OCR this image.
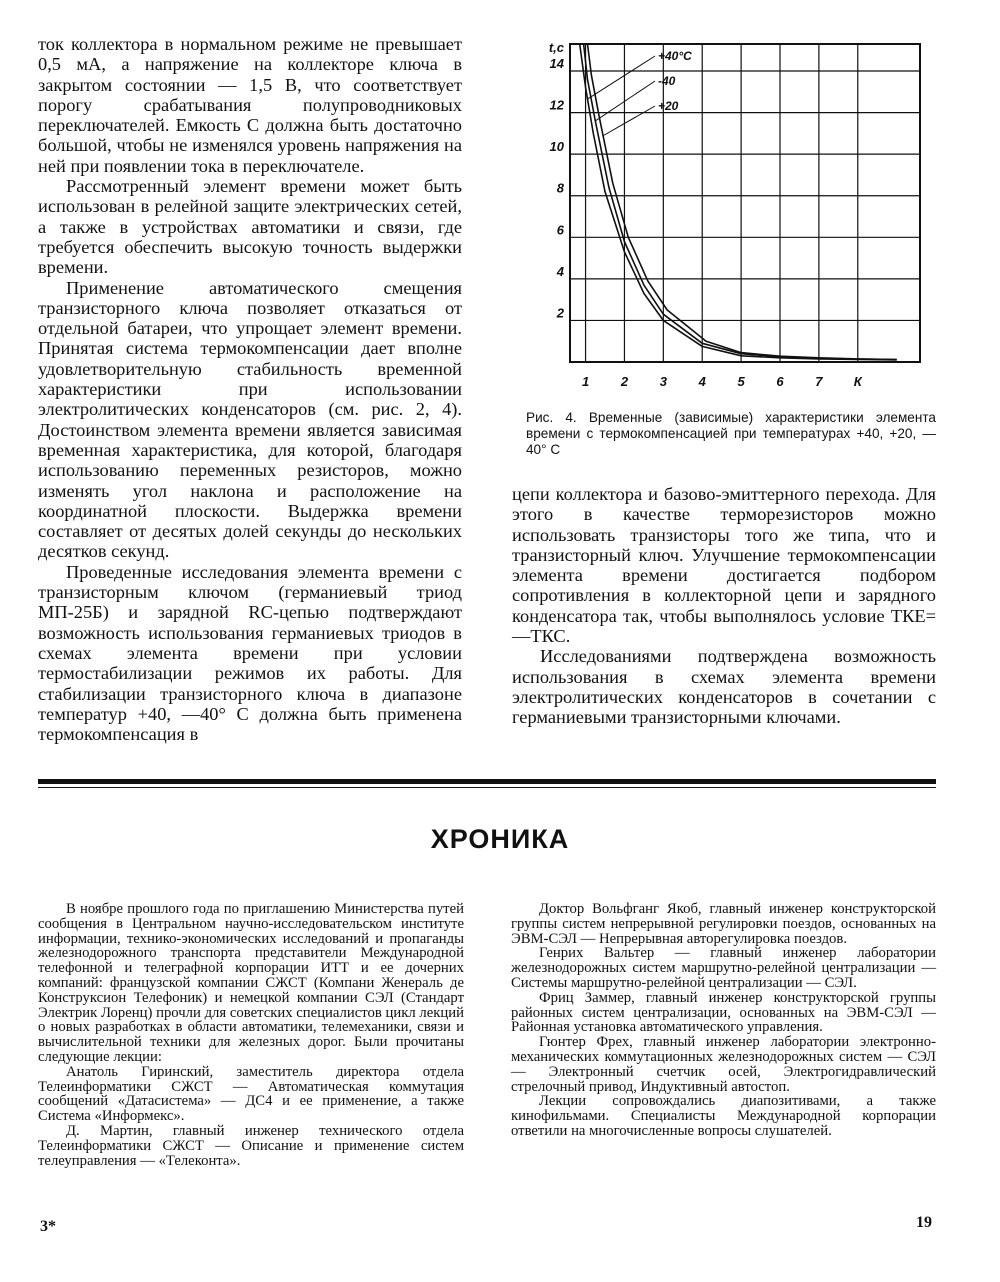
ток коллектора в нормальном режиме не превышает 0,5 мА, а напряжение на коллекторе ключа в закрытом состоянии — 1,5 В, что соответствует порогу срабатывания полупроводниковых переключателей. Емкость С должна быть достаточно большой, чтобы не изменялся уровень напряжения на ней при появлении тока в переключателе.

Рассмотренный элемент времени может быть использован в релейной защите электрических сетей, а также в устройствах автоматики и связи, где требуется обеспечить высокую точность выдержки времени.

Применение автоматического смещения транзисторного ключа позволяет отказаться от отдельной батареи, что упрощает элемент времени. Принятая система термокомпенсации дает вполне удовлетворительную стабильность временной характеристики при использовании электролитических конденсаторов (см. рис. 2, 4). Достоинством элемента времени является зависимая временная характеристика, для которой, благодаря использованию переменных резисторов, можно изменять угол наклона и расположение на координатной плоскости. Выдержка времени составляет от десятых долей секунды до нескольких десятков секунд.

Проведенные исследования элемента времени с транзисторным ключом (германиевый триод МП-25Б) и зарядной RC-цепью подтверждают возможность использования германиевых триодов в схемах элемента времени при условии термостабилизации режимов их работы. Для стабилизации транзисторного ключа в диапазоне температур +40, —40° С должна быть применена термокомпенсация в

1 2 3 4 5 6 7 К
2
4
6
8
10
12
14
t,с
+40°С
-40
+20
Рис. 4. Временные (зависимые) характеристики элемента времени с термокомпенсацией при температурах +40, +20, —40° С

цепи коллектора и базово-эмиттерного перехода. Для этого в качестве терморезисторов можно использовать транзисторы того же типа, что и транзисторный ключ. Улучшение термокомпенсации элемента времени достигается подбором сопротивления в коллекторной цепи и зарядного конденсатора так, чтобы выполнялось условие ТКЕ= —ТКС.

Исследованиями подтверждена возможность использования в схемах элемента времени электролитических конденсаторов в сочетании с германиевыми транзисторными ключами.

ХРОНИКА

В ноябре прошлого года по приглашению Министерства путей сообщения в Центральном научно-исследовательском институте информации, технико-экономических исследований и пропаганды железнодорожного транспорта представители Международной телефонной и телеграфной корпорации ИТТ и ее дочерних компаний: французской компании СЖСТ (Компани Женераль де Конструксион Телефоник) и немецкой компании СЭЛ (Стандарт Электрик Лоренц) прочли для советских специалистов цикл лекций о новых разработках в области автоматики, телемеханики, связи и вычислительной техники для железных дорог. Были прочитаны следующие лекции:

Анатоль Гиринский, заместитель директора отдела Телеинформатики СЖСТ — Автоматическая коммутация сообщений «Датасистема» — ДС4 и ее применение, а также Система «Информекс».

Д. Мартин, главный инженер технического отдела Телеинформатики СЖСТ — Описание и применение систем телеуправления — «Телеконта».

Доктор Вольфганг Якоб, главный инженер конструкторской группы систем непрерывной регулировки поездов, основанных на ЭВМ-СЭЛ — Непрерывная авторегулировка поездов.

Генрих Вальтер — главный инженер лаборатории железнодорожных систем маршрутно-релейной централизации — Системы маршрутно-релейной централизации — СЭЛ.

Фриц Заммер, главный инженер конструкторской группы районных систем централизации, основанных на ЭВМ-СЭЛ — Районная установка автоматического управления.

Гюнтер Фрех, главный инженер лаборатории электронно-механических коммутационных железнодорожных систем — СЭЛ — Электронный счетчик осей, Электрогидравлический стрелочный привод, Индуктивный автостоп.

Лекции сопровождались диапозитивами, а также кинофильмами. Специалисты Международной корпорации ответили на многочисленные вопросы слушателей.

3*	19
